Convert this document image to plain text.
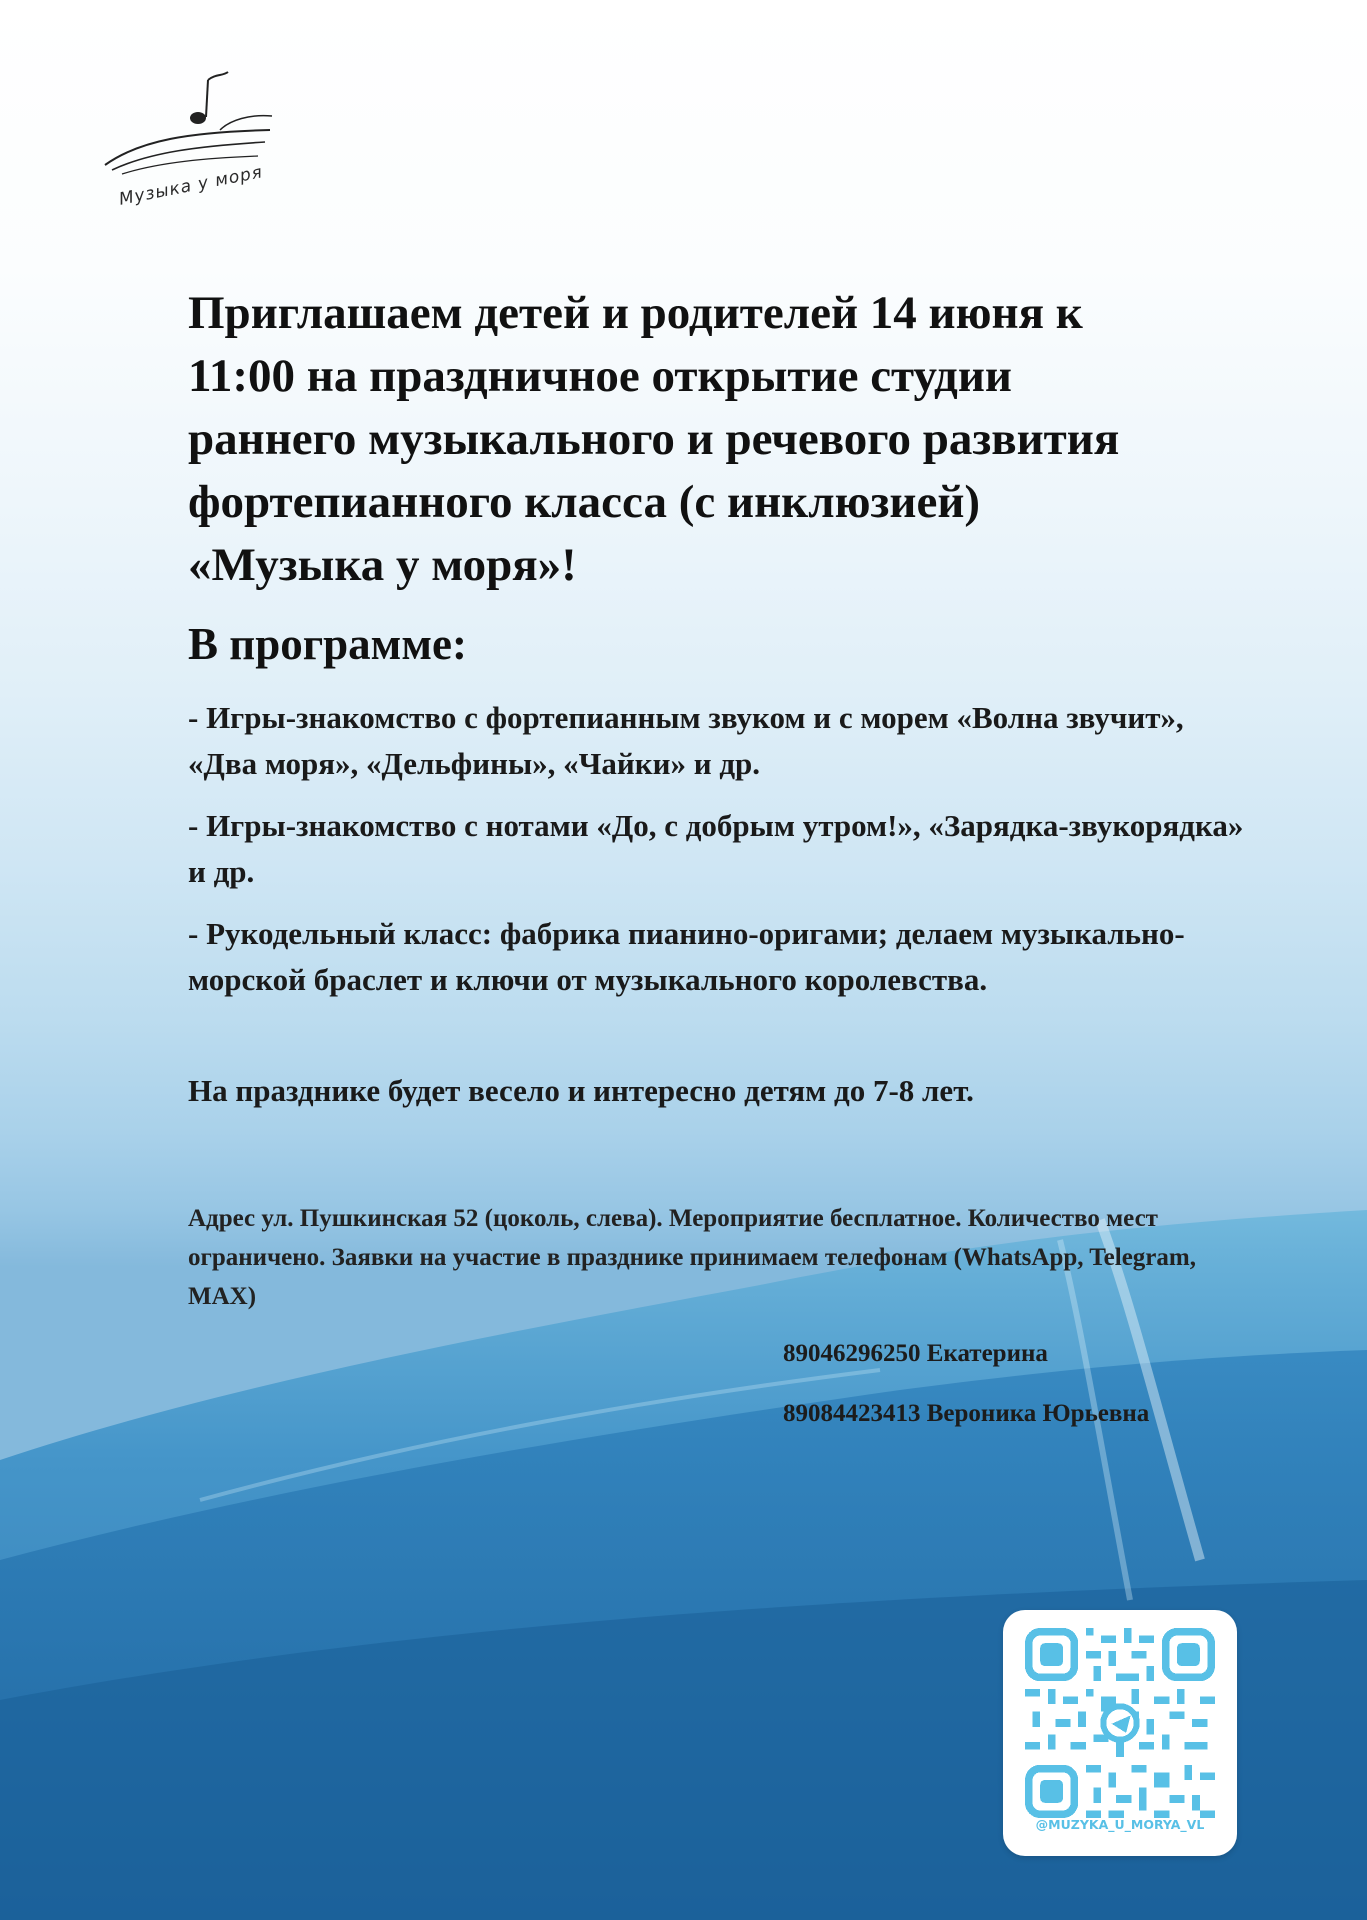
Музыка у моря
Приглашаем детей и родителей 14 июня к
11:00 на праздничное открытие студии
раннего музыкального и речевого развития
фортепианного класса (с инклюзией)
«Музыка у моря»!
В программе:

- Игры-знакомство с фортепианным звуком и с морем «Волна звучит», «Два моря», «Дельфины», «Чайки» и др.

- Игры-знакомство с нотами «До, с добрым утром!», «Зарядка-звукорядка» и др.

- Рукодельный класс: фабрика пианино-оригами; делаем музыкально-морской браслет и ключи от музыкального королевства.

На празднике будет весело и интересно детям до 7-8 лет.
Адрес ул. Пушкинская 52 (цоколь, слева). Мероприятие бесплатное. Количество мест ограничено. Заявки на участие в празднике принимаем телефонам (WhatsApp, Telegram, MAX)
89046296250 Екатерина
89084423413 Вероника Юрьевна
@MUZYKA_U_MORYA_VL
